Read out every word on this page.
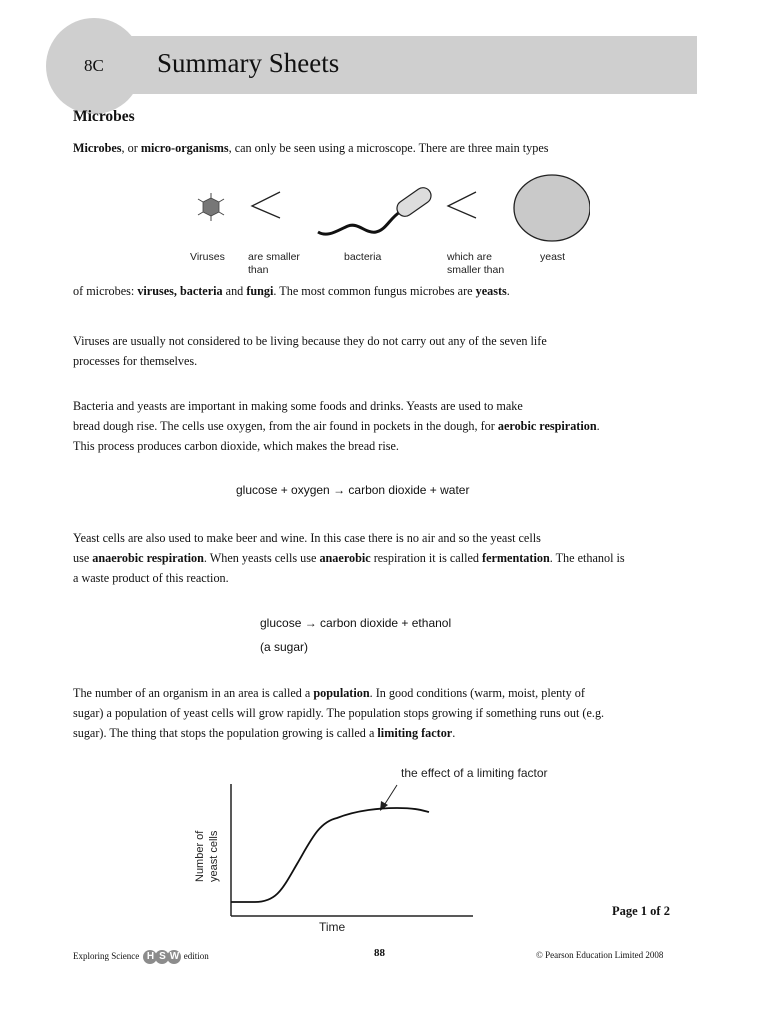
8C Summary Sheets
Microbes
Microbes, or micro-organisms, can only be seen using a microscope. There are three main types
Viruses are smaller
than
bacteria	which are
smaller than
yeast
of microbes: viruses, bacteria and fungi. The most common fungus microbes are yeasts.
Viruses are usually not considered to be living because they do not carry out any of the seven life
processes for themselves.
Bacteria and yeasts are important in making some foods and drinks. Yeasts are used to make
bread dough rise. The cells use oxygen, from the air found in pockets in the dough, for aerobic respiration.
This process produces carbon dioxide, which makes the bread rise.
glucose + oxygen → carbon dioxide + water
Yeast cells are also used to make beer and wine. In this case there is no air and so the yeast cells
use anaerobic respiration. When yeasts cells use anaerobic respiration it is called fermentation. The ethanol is
a waste product of this reaction.
glucose → carbon dioxide + ethanol
(a sugar)
The number of an organism in an area is called a population. In good conditions (warm, moist, plenty of
sugar) a population of yeast cells will grow rapidly. The population stops growing if something runs out (e.g.
sugar). The thing that stops the population growing is called a limiting factor.
the effect of a limiting factor
Number of yeast cells
Time
Page 1 of 2
Exploring Science H S W edition	88	© Pearson Education Limited 2008
